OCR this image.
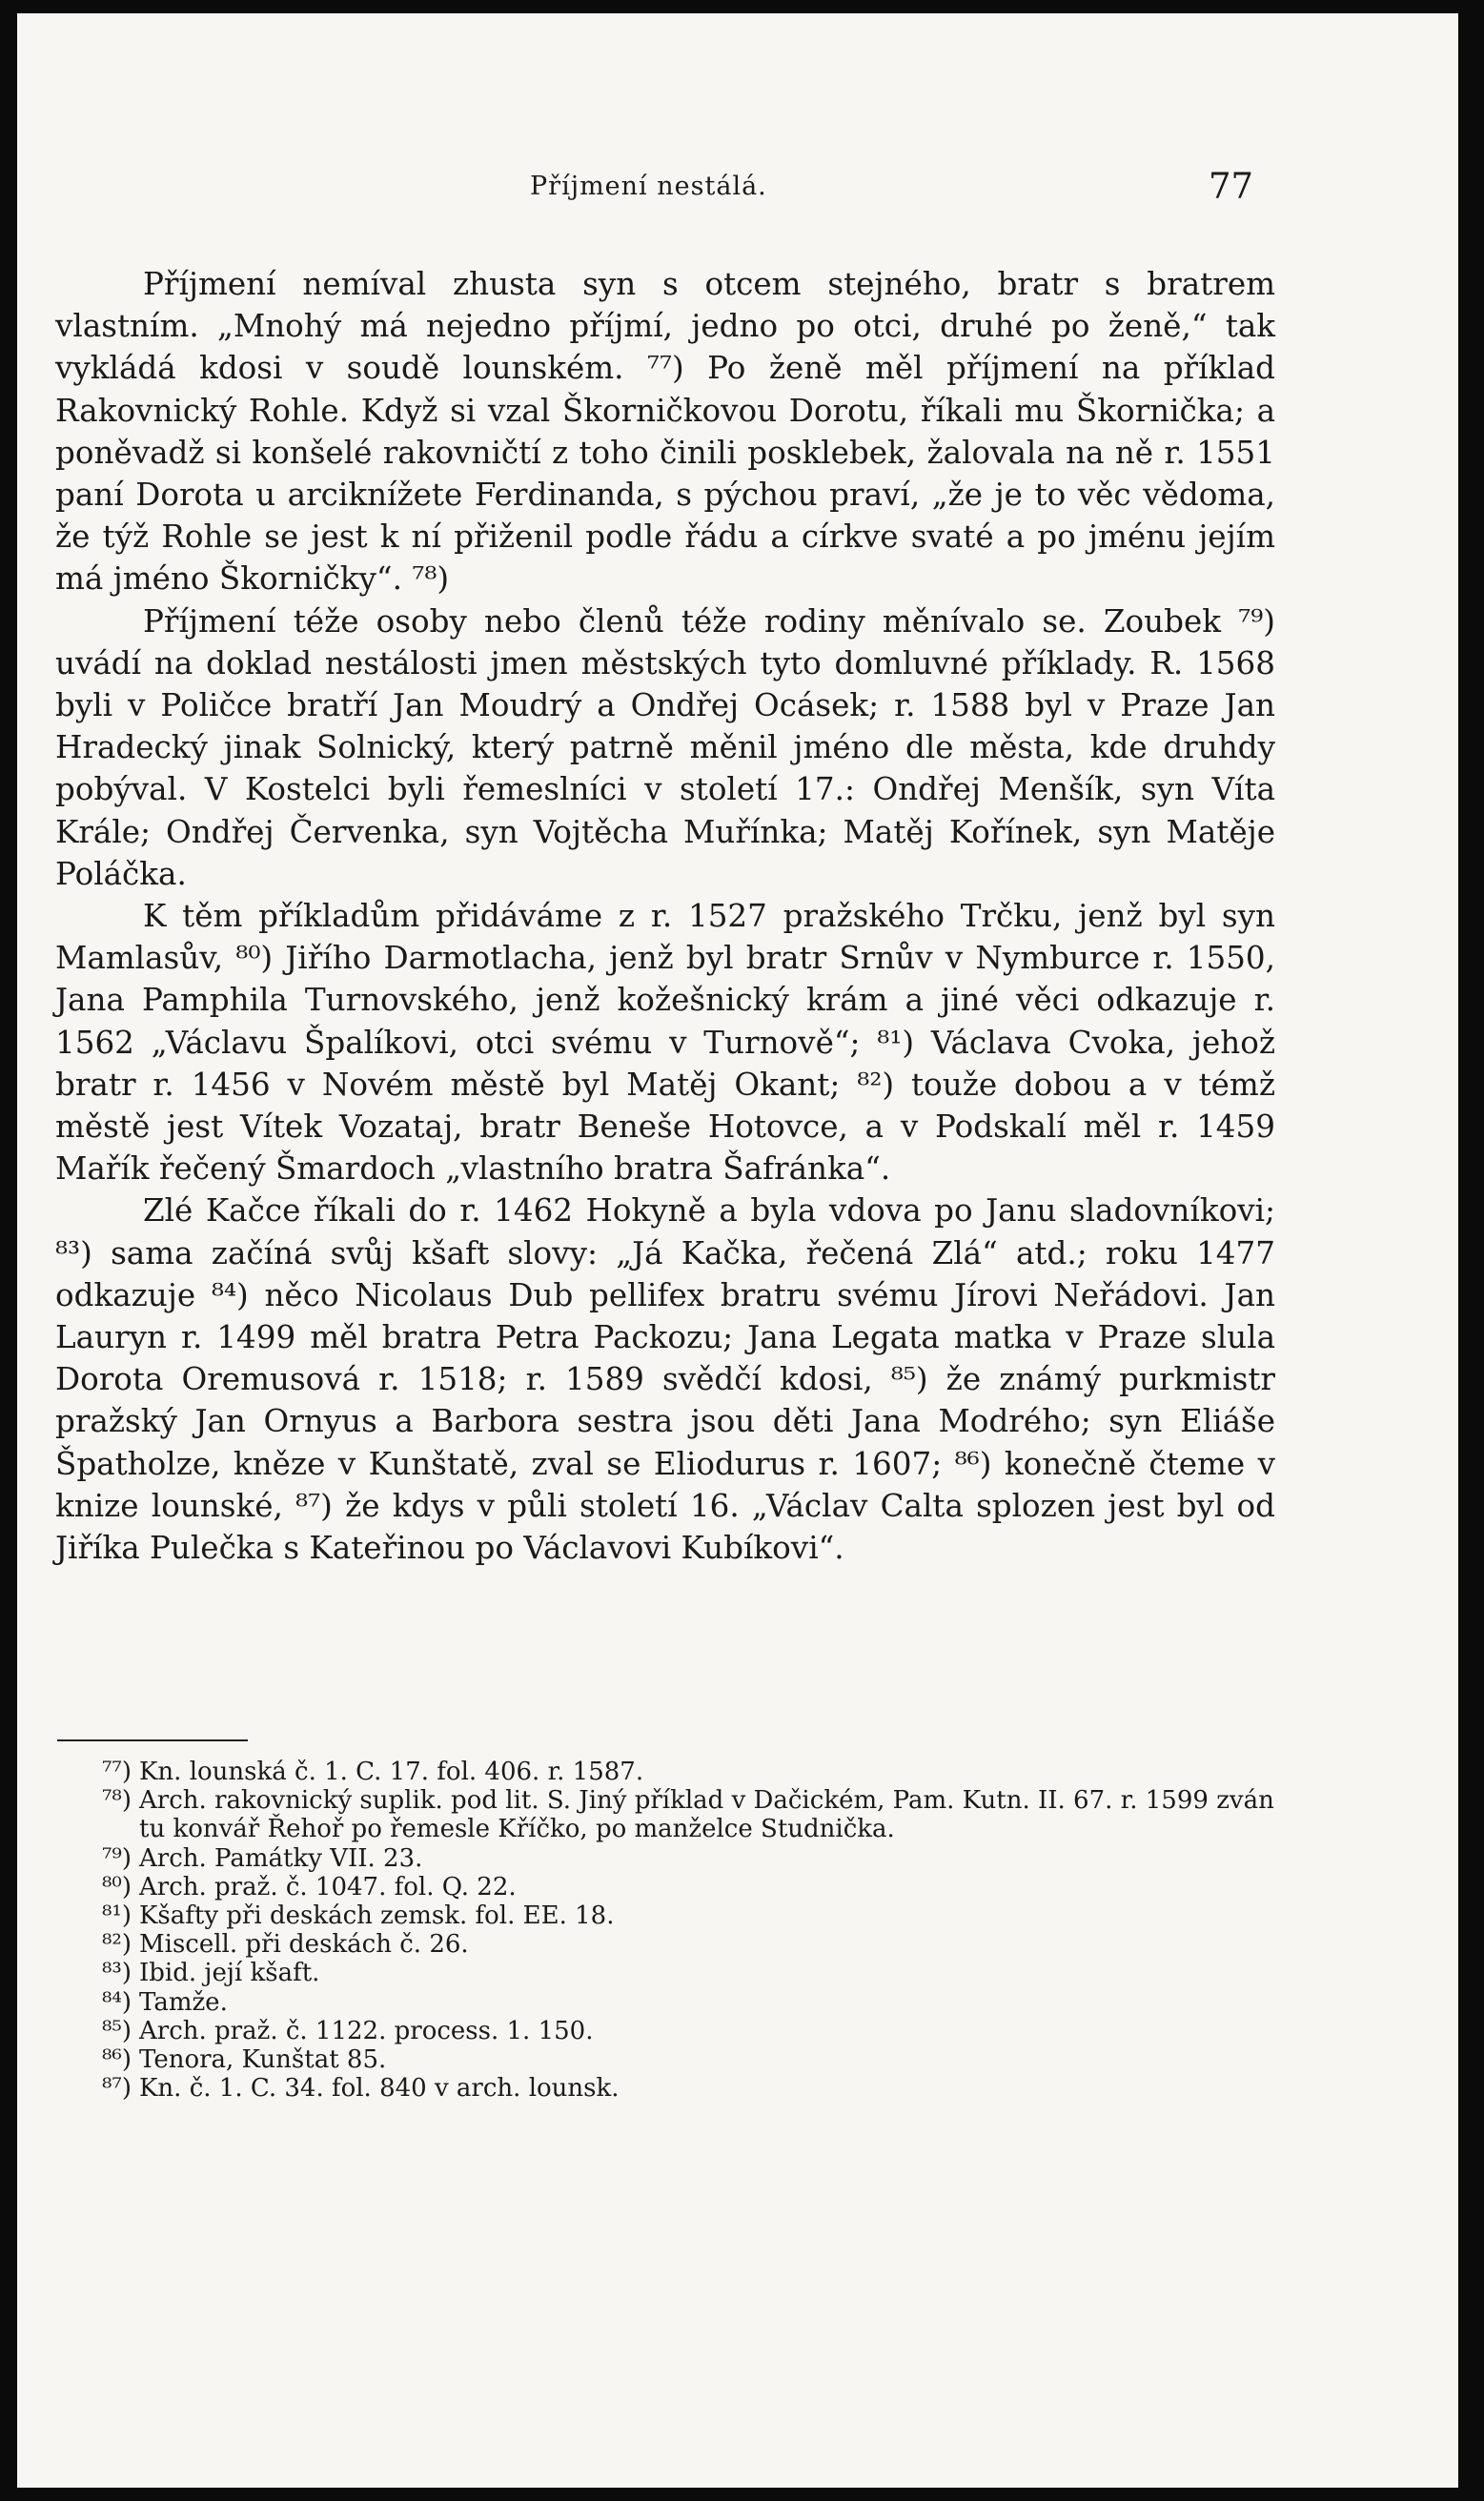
Příjmení nestálá.	77

Příjmení nemíval zhusta syn s otcem stejného, bratr s bratrem vlastním. „Mnohý má nejedno příjmí, jedno po otci, druhé po ženě,“ tak vykládá kdosi v soudě lounském. ⁷⁷) Po ženě měl příjmení na příklad Rakovnický Rohle. Když si vzal Škorničkovou Dorotu, říkali mu Škornička; a poněvadž si konšelé rakovničtí z toho činili posklebek, žalovala na ně r. 1551 paní Dorota u arciknížete Ferdinanda, s pýchou praví, „že je to věc vědoma, že týž Rohle se jest k ní přiženil podle řádu a církve svaté a po jménu jejím má jméno Škorničky“. ⁷⁸)

Příjmení téže osoby nebo členů téže rodiny měnívalo se. Zoubek ⁷⁹) uvádí na doklad nestálosti jmen městských tyto domluvné příklady. R. 1568 byli v Poličce bratří Jan Moudrý a Ondřej Ocásek; r. 1588 byl v Praze Jan Hradecký jinak Solnický, který patrně měnil jméno dle města, kde druhdy pobýval. V Kostelci byli řemeslníci v století 17.: Ondřej Menšík, syn Víta Krále; Ondřej Červenka, syn Vojtěcha Muřínka; Matěj Kořínek, syn Matěje Poláčka.

K těm příkladům přidáváme z r. 1527 pražského Trčku, jenž byl syn Mamlasův, ⁸⁰) Jiřího Darmotlacha, jenž byl bratr Srnův v Nymburce r. 1550, Jana Pamphila Turnovského, jenž kožešnický krám a jiné věci odkazuje r. 1562 „Václavu Špalíkovi, otci svému v Turnově“; ⁸¹) Václava Cvoka, jehož bratr r. 1456 v Novém městě byl Matěj Okant; ⁸²) touže dobou a v témž městě jest Vítek Vozataj, bratr Beneše Hotovce, a v Podskalí měl r. 1459 Mařík řečený Šmardoch „vlastního bratra Šafránka“.

Zlé Kačce říkali do r. 1462 Hokyně a byla vdova po Janu sladovníkovi; ⁸³) sama začíná svůj kšaft slovy: „Já Kačka, řečená Zlá“ atd.; roku 1477 odkazuje ⁸⁴) něco Nicolaus Dub pellifex bratru svému Jírovi Neřádovi. Jan Lauryn r. 1499 měl bratra Petra Packozu; Jana Legata matka v Praze slula Dorota Oremusová r. 1518; r. 1589 svědčí kdosi, ⁸⁵) že známý purkmistr pražský Jan Ornyus a Barbora sestra jsou děti Jana Modrého; syn Eliáše Špatholze, kněze v Kunštatě, zval se Eliodurus r. 1607; ⁸⁶) konečně čteme v knize lounské, ⁸⁷) že kdys v půli století 16. „Václav Calta splozen jest byl od Jiříka Pulečka s Kateřinou po Václavovi Kubíkovi“.

⁷⁷) Kn. lounská č. 1. C. 17. fol. 406. r. 1587.

⁷⁸) Arch. rakovnický suplik. pod lit. S. Jiný příklad v Dačickém, Pam. Kutn. II. 67. r. 1599 zván tu konvář Řehoř po řemesle Kříčko, po manželce Studnička.

⁷⁹) Arch. Památky VII. 23.

⁸⁰) Arch. praž. č. 1047. fol. Q. 22.

⁸¹) Kšafty při deskách zemsk. fol. EE. 18.

⁸²) Miscell. při deskách č. 26.

⁸³) Ibid. její kšaft.

⁸⁴) Tamže.

⁸⁵) Arch. praž. č. 1122. process. 1. 150.

⁸⁶) Tenora, Kunštat 85.

⁸⁷) Kn. č. 1. C. 34. fol. 840 v arch. lounsk.
